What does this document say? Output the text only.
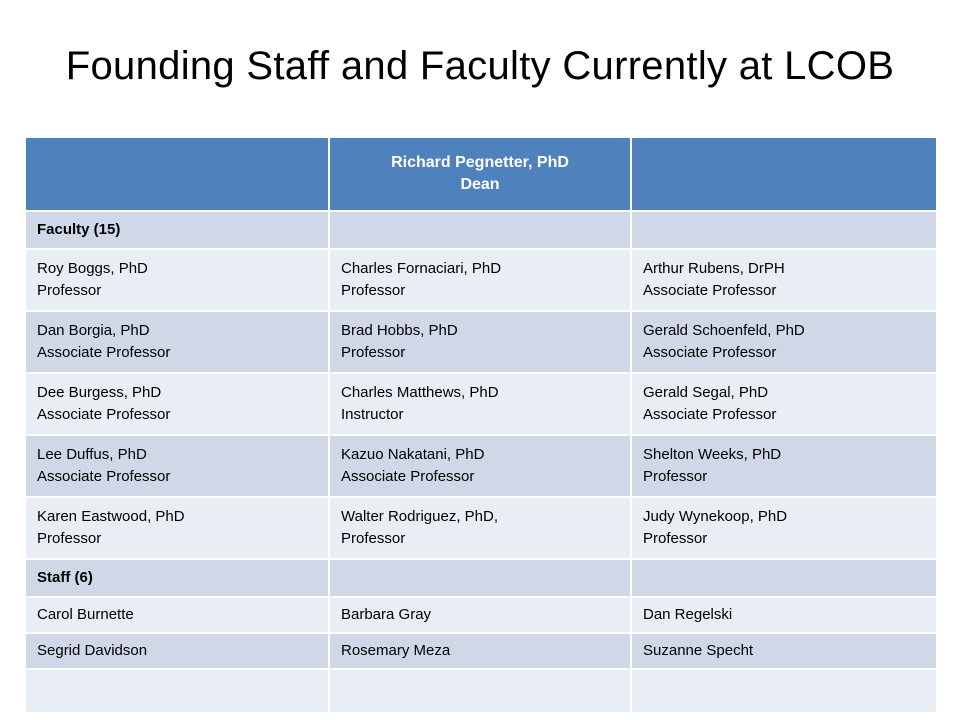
Founding Staff and Faculty Currently at LCOB

	Richard Pegnetter, PhD
Dean	

Faculty (15)		

Roy Boggs, PhD
Professor	Charles Fornaciari, PhD
Professor	Arthur Rubens, DrPH
Associate Professor

Dan Borgia, PhD
Associate Professor	Brad Hobbs, PhD
Professor	Gerald Schoenfeld, PhD
Associate Professor

Dee Burgess, PhD
Associate Professor	Charles Matthews, PhD
Instructor	Gerald Segal, PhD
Associate Professor

Lee Duffus, PhD
Associate Professor	Kazuo Nakatani, PhD
Associate Professor	Shelton Weeks, PhD
Professor

Karen Eastwood, PhD
Professor	Walter Rodriguez, PhD,
Professor	Judy Wynekoop, PhD
Professor

Staff (6)		
Carol Burnette	Barbara Gray	Dan Regelski
Segrid Davidson	Rosemary Meza	Suzanne Specht
